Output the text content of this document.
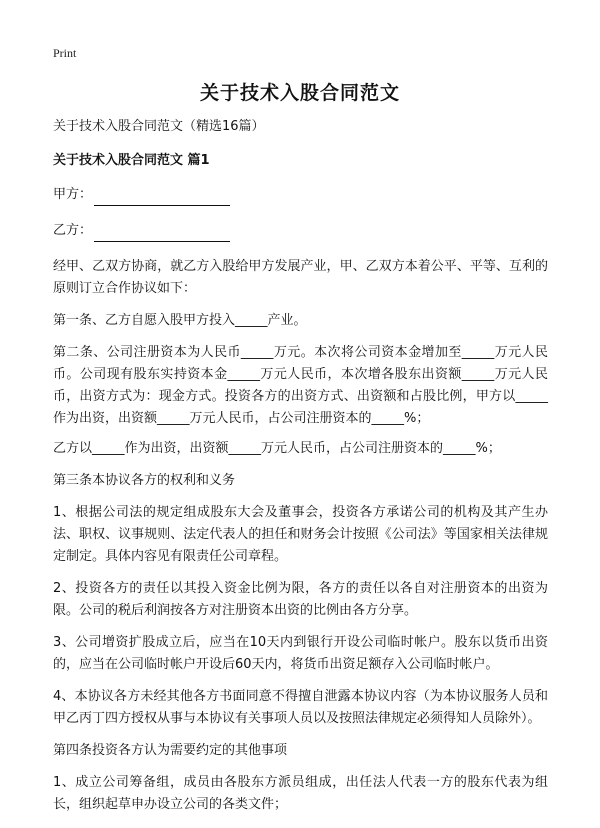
Print
关于技术入股合同范文

关于技术入股合同范文（精选16篇）

关于技术入股合同范文 篇1

甲方：

乙方：

经甲、乙双方协商，就乙方入股给甲方发展产业，甲、乙双方本着公平、平等、互利的原则订立合作协议如下：

第一条、乙方自愿入股甲方投入_____产业。

第二条、公司注册资本为人民币_____万元。本次将公司资本金增加至_____万元人民币。公司现有股东实持资本金_____万元人民币，本次增各股东出资额_____万元人民币，出资方式为：现金方式。投资各方的出资方式、出资额和占股比例，甲方以_____作为出资，出资额_____万元人民币，占公司注册资本的_____%；

乙方以_____作为出资，出资额_____万元人民币，占公司注册资本的_____%；

第三条本协议各方的权利和义务

1、根据公司法的规定组成股东大会及董事会，投资各方承诺公司的机构及其产生办法、职权、议事规则、法定代表人的担任和财务会计按照《公司法》等国家相关法律规定制定。具体内容见有限责任公司章程。

2、投资各方的责任以其投入资金比例为限，各方的责任以各自对注册资本的出资为限。公司的税后利润按各方对注册资本出资的比例由各方分享。

3、公司增资扩股成立后，应当在10天内到银行开设公司临时帐户。股东以货币出资的，应当在公司临时帐户开设后60天内，将货币出资足额存入公司临时帐户。

4、本协议各方未经其他各方书面同意不得擅自泄露本协议内容（为本协议服务人员和甲乙丙丁四方授权从事与本协议有关事项人员以及按照法律规定必须得知人员除外）。

第四条投资各方认为需要约定的其他事项

1、成立公司筹备组，成员由各股东方派员组成，出任法人代表一方的股东代表为组长，组织起草申办设立公司的各类文件；
